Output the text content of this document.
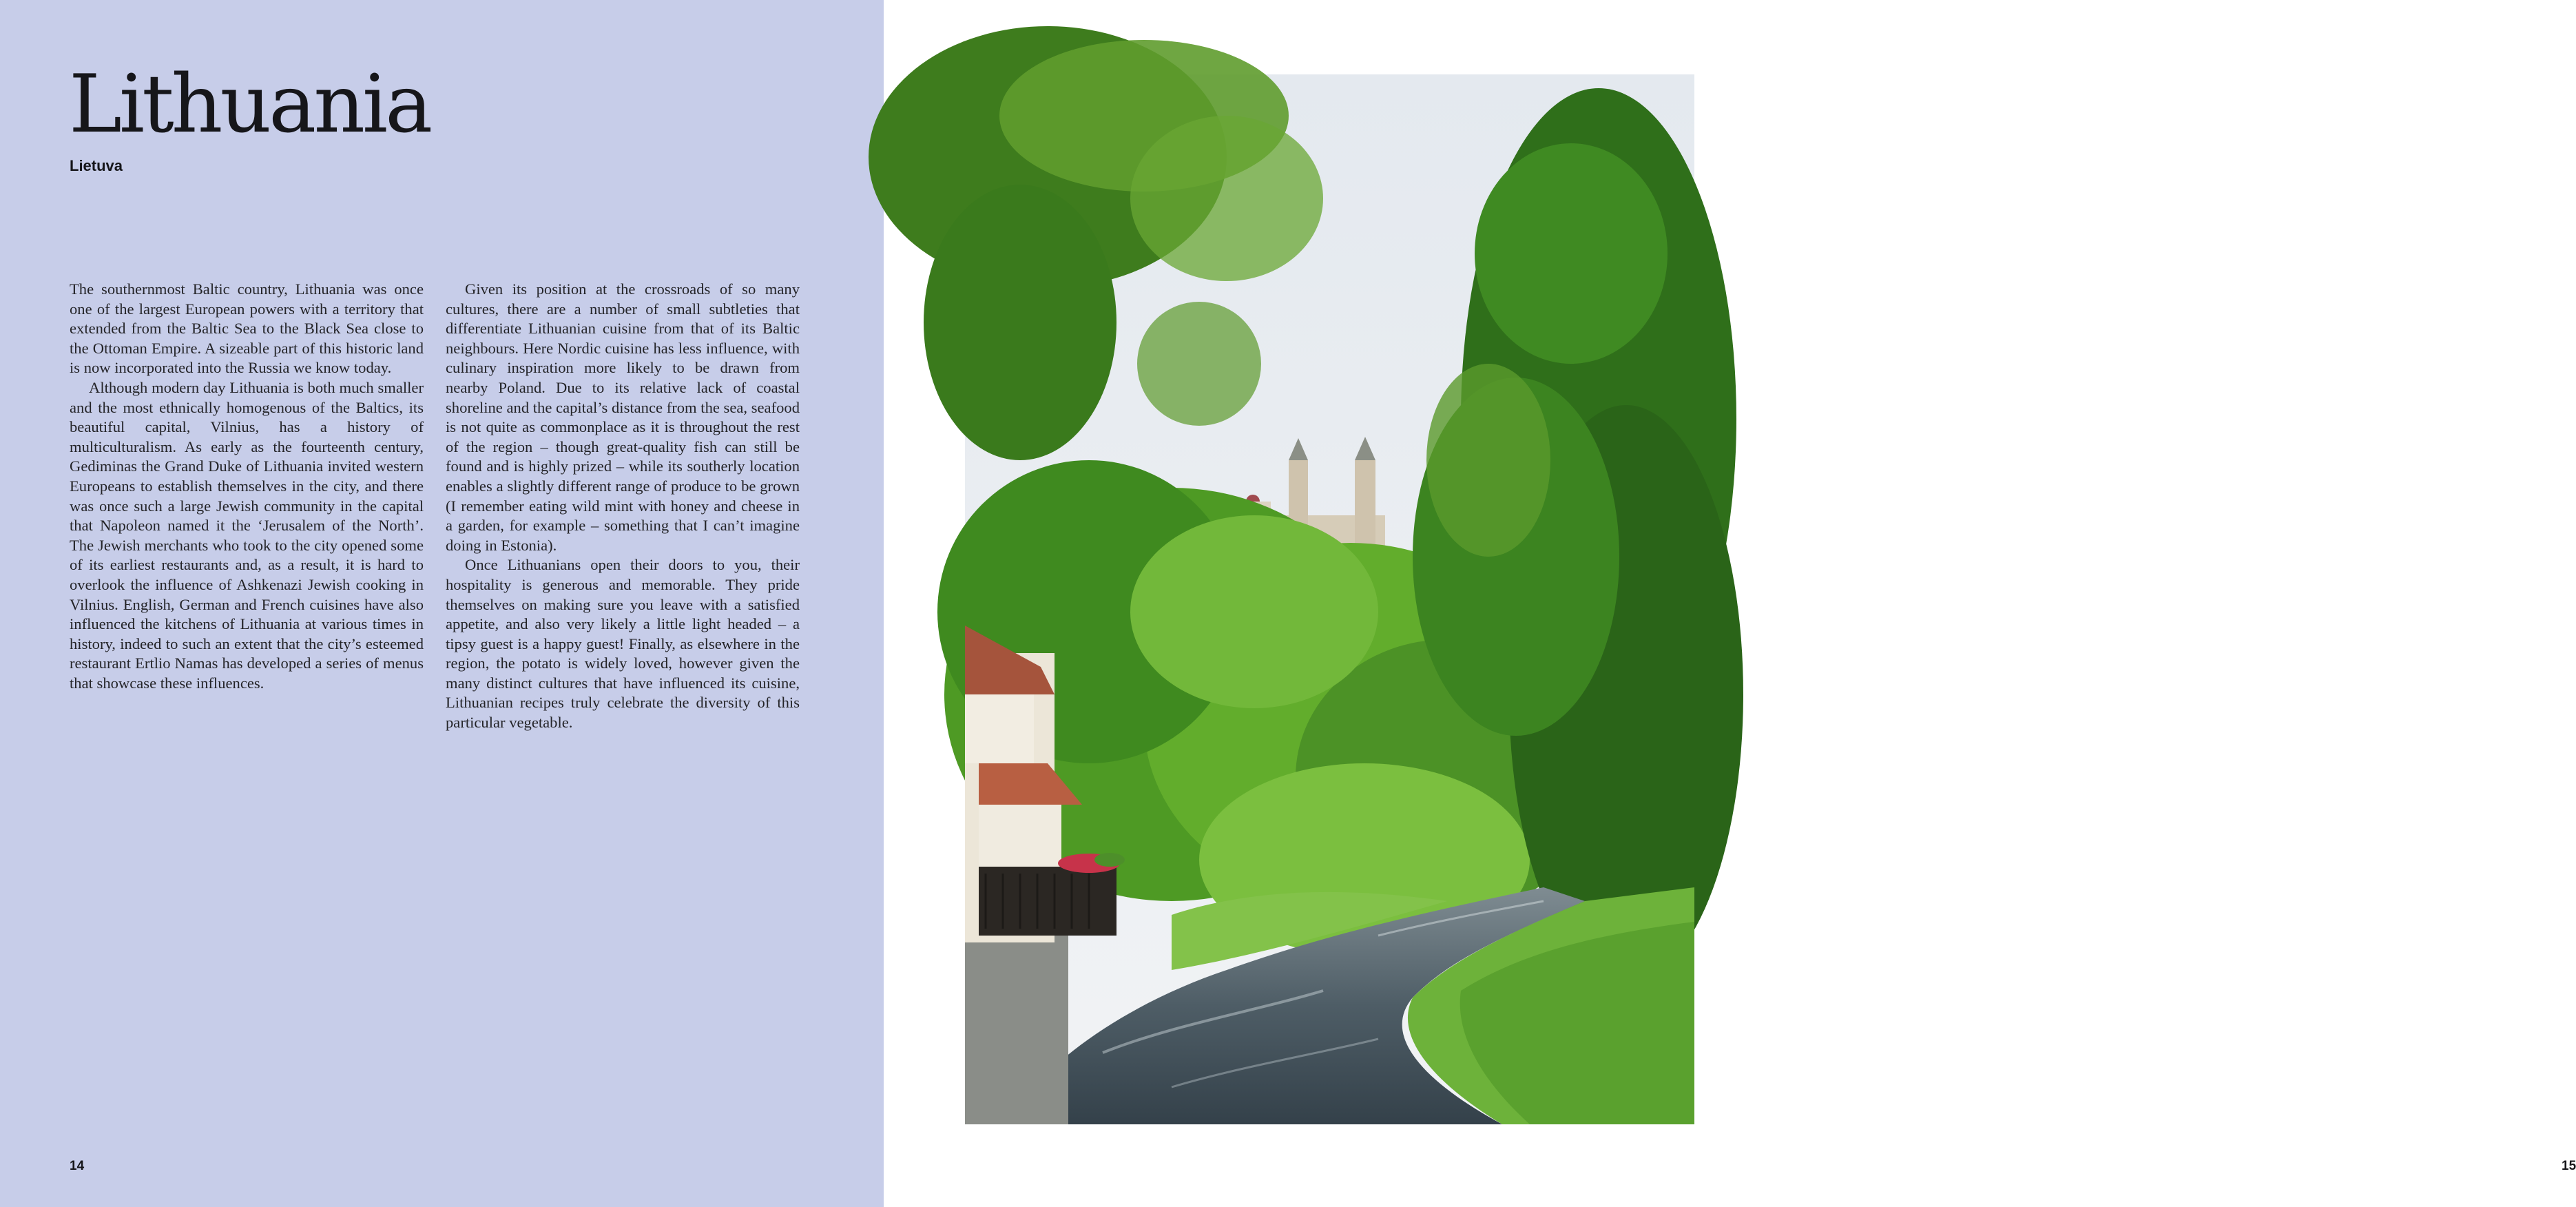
Lithuania
Lietuva

The southernmost Baltic country, Lithuania was once one of the largest European powers with a territory that extended from the Baltic Sea to the Black Sea close to the Ottoman Empire. A sizeable part of this historic land is now incorporated into the Russia we know today.

Although modern day Lithuania is both much smaller and the most ethnically homogenous of the Baltics, its beautiful capital, Vilnius, has a history of multiculturalism. As early as the fourteenth century, Gediminas the Grand Duke of Lithuania invited western Europeans to establish themselves in the city, and there was once such a large Jewish community in the capital that Napoleon named it the ‘Jerusalem of the North’. The Jewish merchants who took to the city opened some of its earliest restaurants and, as a result, it is hard to overlook the influence of Ashkenazi Jewish cooking in Vilnius. English, German and French cuisines have also influenced the kitchens of Lithuania at various times in history, indeed to such an extent that the city’s esteemed restaurant Ertlio Namas has developed a series of menus that showcase these influences.

Given its position at the crossroads of so many cultures, there are a number of small subtleties that differentiate Lithuanian cuisine from that of its Baltic neighbours. Here Nordic cuisine has less influence, with culinary inspiration more likely to be drawn from nearby Poland. Due to its relative lack of coastal shoreline and the capital’s distance from the sea, seafood is not quite as commonplace as it is throughout the rest of the region – though great-quality fish can still be found and is highly prized – while its southerly location enables a slightly different range of produce to be grown (I remember eating wild mint with honey and cheese in a garden, for example – something that I can’t imagine doing in Estonia).

Once Lithuanians open their doors to you, their hospitality is generous and memorable. They pride themselves on making sure you leave with a satisfied appetite, and also very likely a little light headed – a tipsy guest is a happy guest! Finally, as elsewhere in the region, the potato is widely loved, however given the many distinct cultures that have influenced its cuisine, Lithuanian recipes truly celebrate the diversity of this particular vegetable.

14	15
